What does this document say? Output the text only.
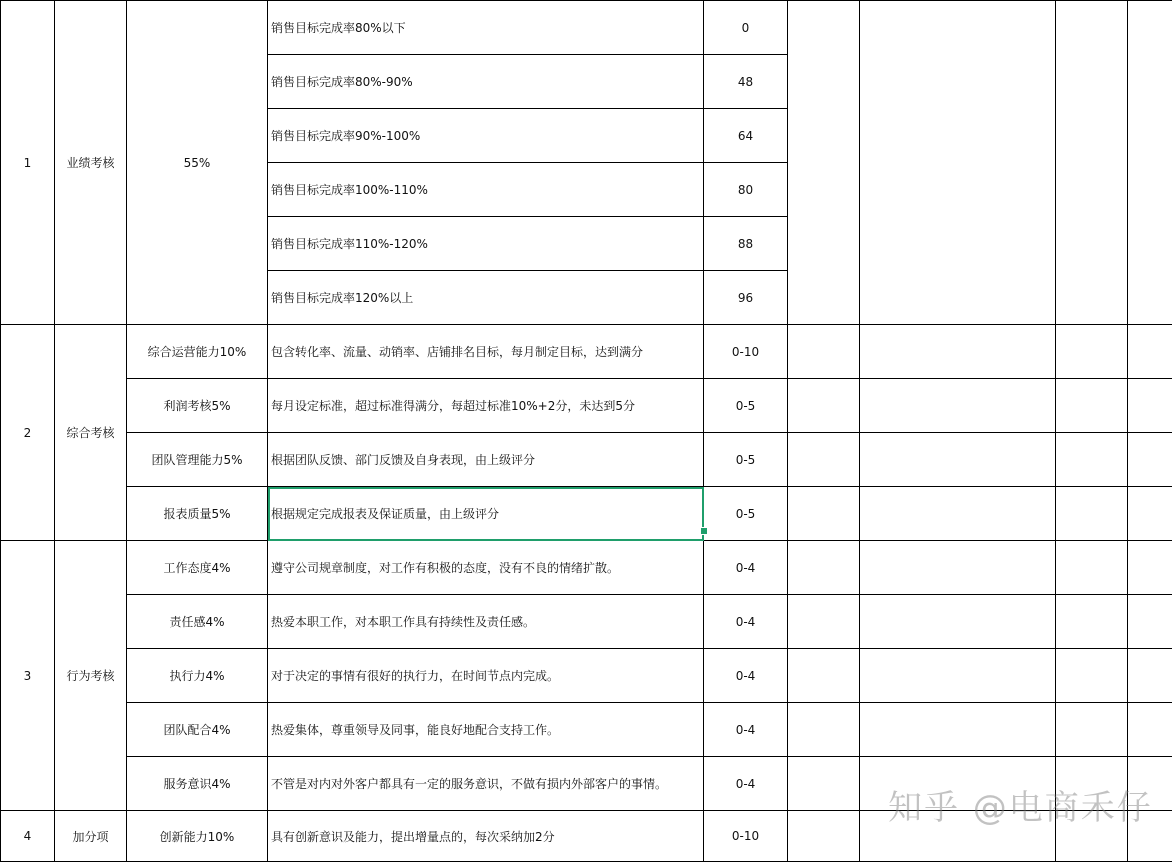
1	业绩考核	55%	销售目标完成率80%以下	0				
			销售目标完成率80%-90%	48				
			销售目标完成率90%-100%	64				
			销售目标完成率100%-110%	80				
			销售目标完成率110%-120%	88				
			销售目标完成率120%以上	96				
2	综合考核	综合运营能力10%	包含转化率、流量、动销率、店铺排名目标，每月制定目标，达到满分	0-10				
		利润考核5%	每月设定标准，超过标准得满分，每超过标准10%+2分，未达到5分	0-5				
		团队管理能力5%	根据团队反馈、部门反馈及自身表现，由上级评分	0-5				
		报表质量5%	根据规定完成报表及保证质量，由上级评分	0-5				
3	行为考核	工作态度4%	遵守公司规章制度，对工作有积极的态度，没有不良的情绪扩散。	0-4				
		责任感4%	热爱本职工作，对本职工作具有持续性及责任感。	0-4				
		执行力4%	对于决定的事情有很好的执行力，在时间节点内完成。	0-4				
		团队配合4%	热爱集体，尊重领导及同事，能良好地配合支持工作。	0-4				
		服务意识4%	不管是对内对外客户都具有一定的服务意识，不做有损内外部客户的事情。	0-4				
4	加分项	创新能力10%	具有创新意识及能力，提出增量点的，每次采纳加2分	0-10				
知乎 @电商禾仔
